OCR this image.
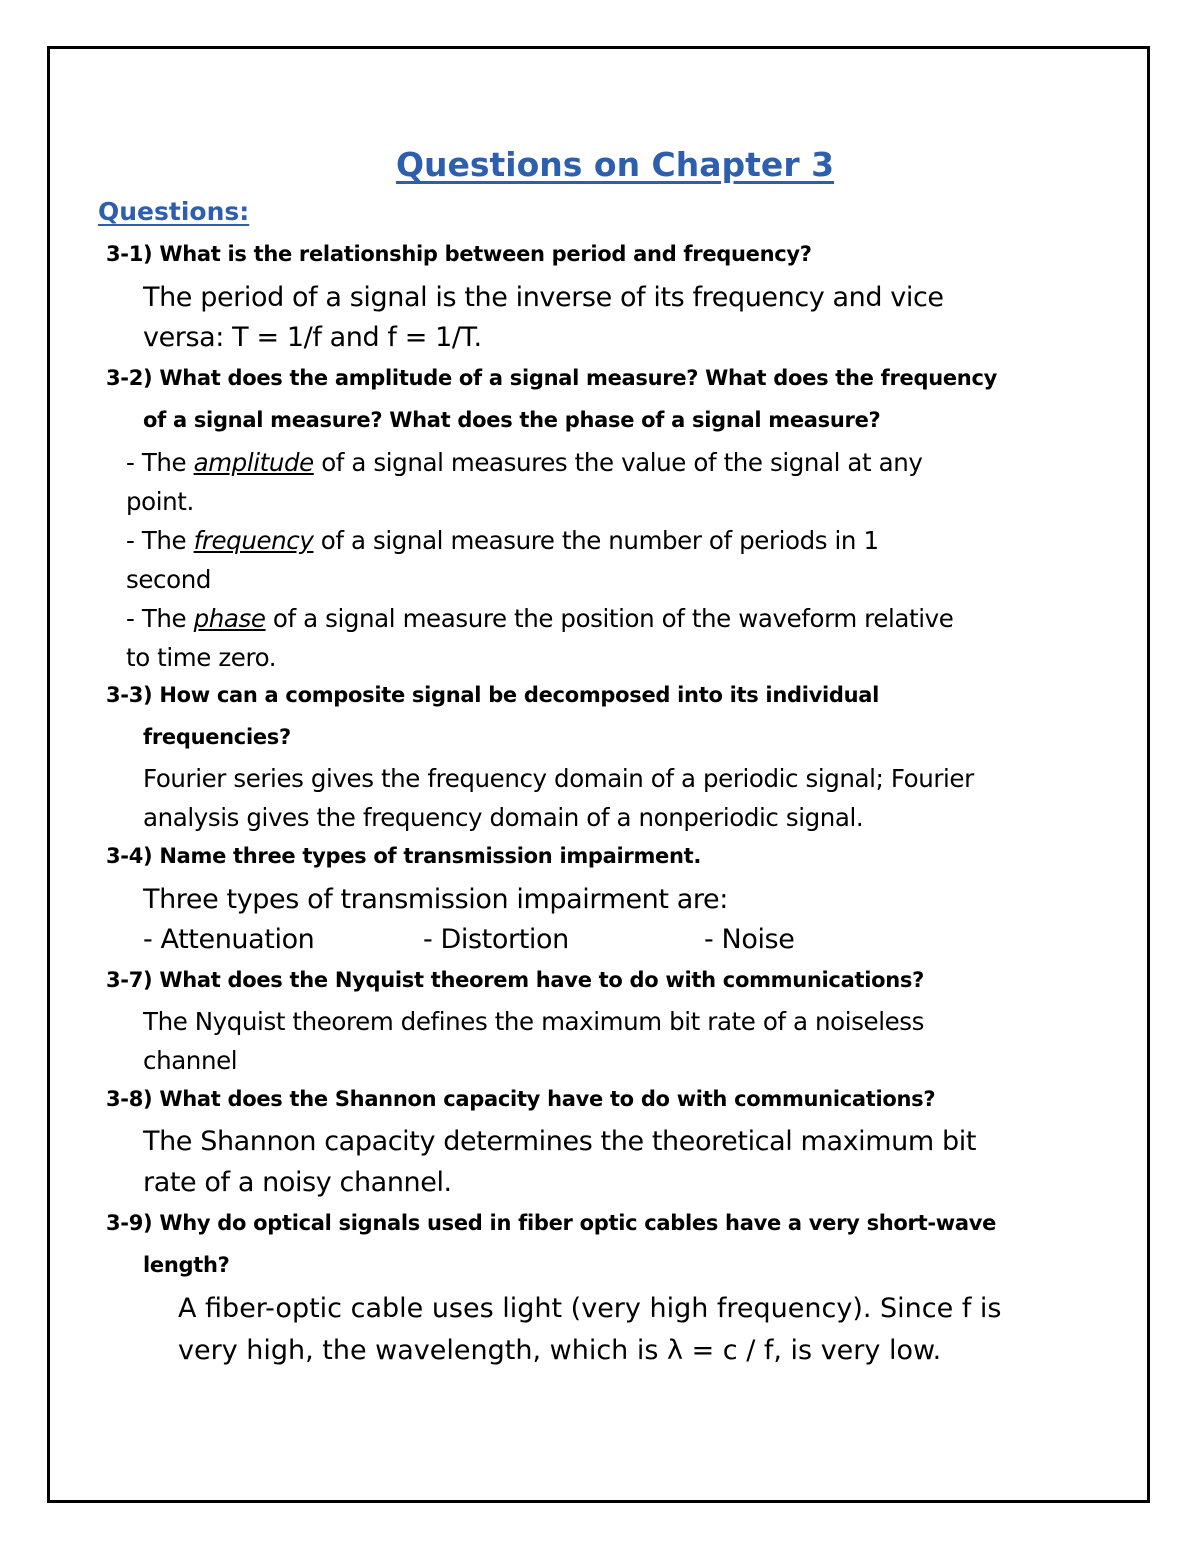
Questions on Chapter 3
Questions:
3-1) What is the relationship between period and frequency?
The period of a signal is the inverse of its frequency and vice
versa: T = 1/f and f = 1/T.
3-2) What does the amplitude of a signal measure? What does the frequency
of a signal measure? What does the phase of a signal measure?
- The amplitude of a signal measures the value of the signal at any
point.
- The frequency of a signal measure the number of periods in 1
second
- The phase of a signal measure the position of the waveform relative
to time zero.
3-3) How can a composite signal be decomposed into its individual
frequencies?
Fourier series gives the frequency domain of a periodic signal; Fourier
analysis gives the frequency domain of a nonperiodic signal.
3-4) Name three types of transmission impairment.
Three types of transmission impairment are:
- Attenuation	- Distortion	- Noise
3-7) What does the Nyquist theorem have to do with communications?
The Nyquist theorem defines the maximum bit rate of a noiseless
channel
3-8) What does the Shannon capacity have to do with communications?
The Shannon capacity determines the theoretical maximum bit
rate of a noisy channel.
3-9) Why do optical signals used in fiber optic cables have a very short-wave
length?
A fiber-optic cable uses light (very high frequency). Since f is
very high, the wavelength, which is λ = c / f, is very low.
